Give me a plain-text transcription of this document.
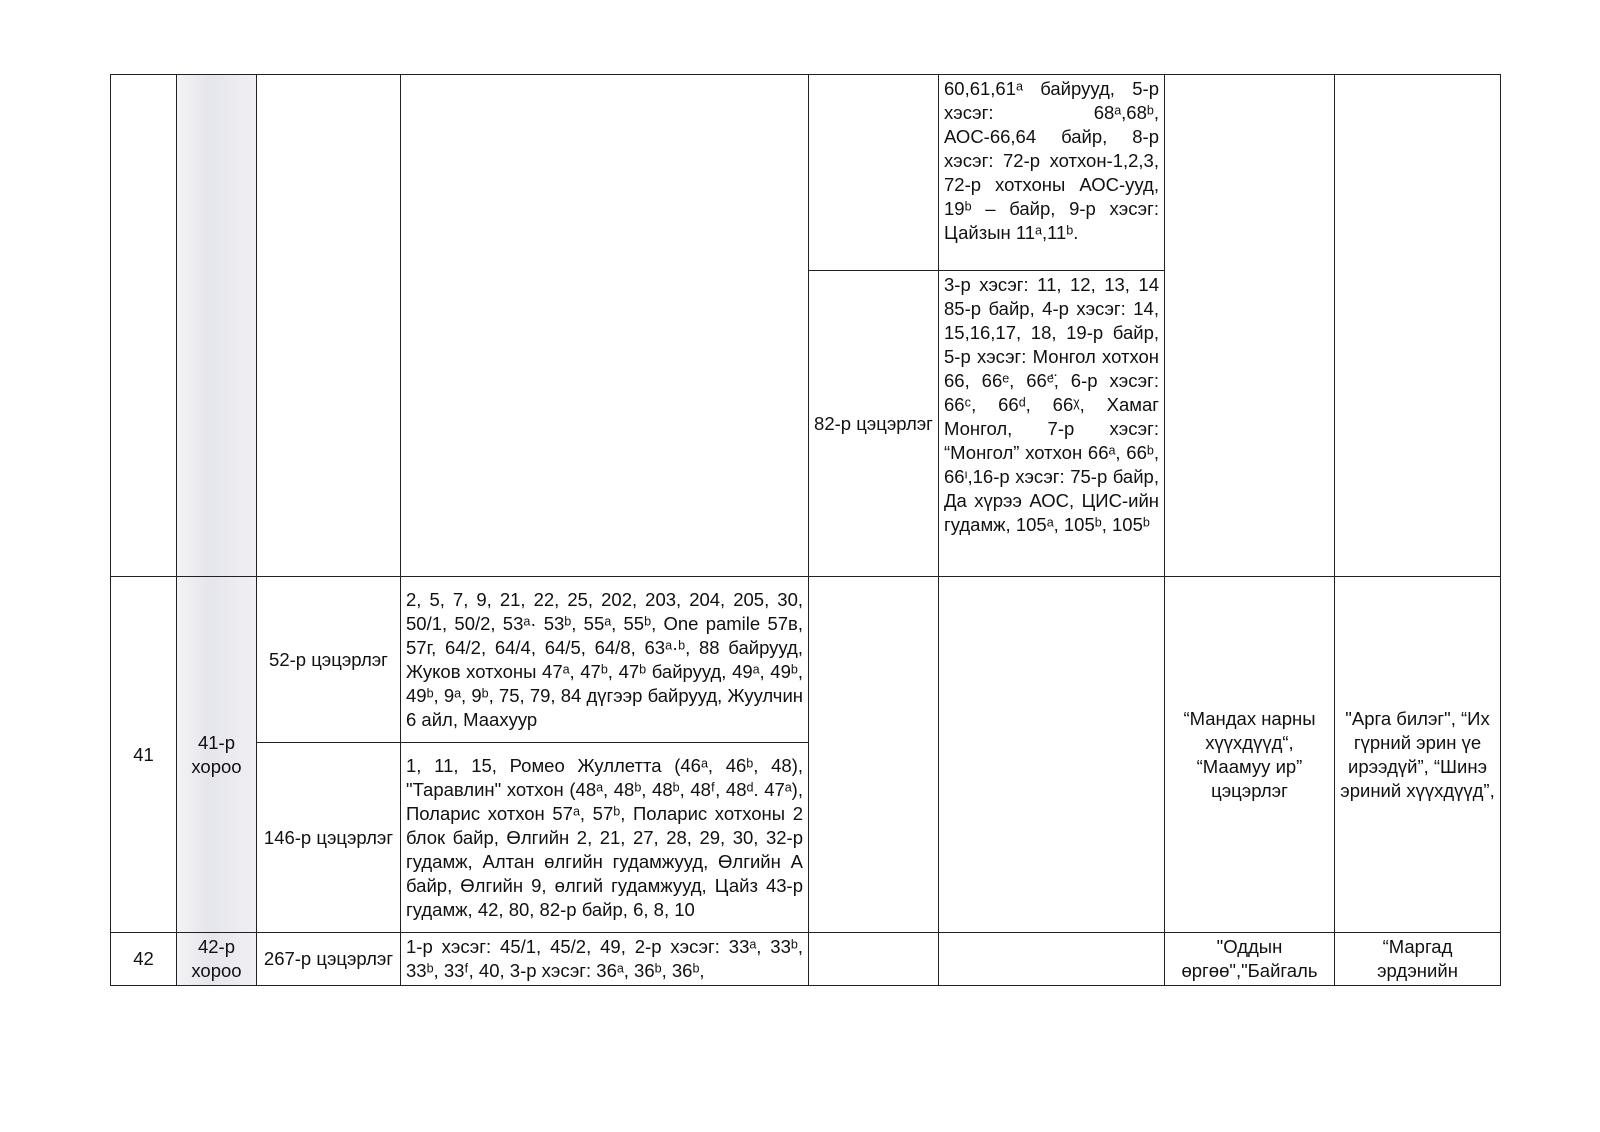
					60,61,61ᵃ байрууд, 5-р хэсэг: 68ᵃ,68ᵇ, АОС-66,64 байр, 8-р хэсэг: 72-р хотхон-1,2,3, 72-р хотхоны АОС-ууд, 19ᵇ – байр, 9-р хэсэг: Цайзын 11ᵃ,11ᵇ.		

				82-р цэцэрлэг	3-р хэсэг: 11, 12, 13, 14 85-р байр, 4-р хэсэг: 14, 15,16,17, 18, 19-р байр, 5-р хэсэг: Монгол хотхон 66, 66ᵉ, 66ᵉ̈, 6-р хэсэг: 66ᶜ, 66ᵈ, 66ᵡ, Хамаг Монгол, 7-р хэсэг: “Монгол” хотхон 66ᵃ, 66ᵇ, 66ᶦ,16-р хэсэг: 75-р байр, Да хүрээ АОС, ЦИС-ийн гудамж, 105ᵃ, 105ᵇ, 105ᵇ		

41	41-р хороо	52-р цэцэрлэг	2, 5, 7, 9, 21, 22, 25, 202, 203, 204, 205, 30, 50/1, 50/2, 53ᵃ· 53ᵇ, 55ᵃ, 55ᵇ, One pamile 57в, 57г, 64/2, 64/4, 64/5, 64/8, 63ᵃ·ᵇ, 88 байрууд, Жуков хотхоны 47ᵃ, 47ᵇ, 47ᵇ байрууд, 49ᵃ, 49ᵇ, 49ᵇ, 9ᵃ, 9ᵇ, 75, 79, 84 дүгээр байрууд, Жуулчин 6 айл, Маахуур			“Мандах нарны хүүхдүүд“, “Маамуу ир” цэцэрлэг	"Арга билэг", “Их гүрний эрин үе ирээдүй”, “Шинэ эриний хүүхдүүд”,
		146-р цэцэрлэг	1, 11, 15, Ромео Жуллетта (46ᵃ, 46ᵇ, 48), "Таравлин" хотхон (48ᵃ, 48ᵇ, 48ᵇ, 48ᶠ, 48ᵈ. 47ᵃ), Поларис хотхон 57ᵃ, 57ᵇ, Поларис хотхоны 2 блок байр, Өлгийн 2, 21, 27, 28, 29, 30, 32-р гудамж, Алтан өлгийн гудамжууд, Өлгийн А байр, Өлгийн 9, өлгий гудамжууд, Цайз 43-р гудамж, 42, 80, 82-р байр, 6, 8, 10				

42	42-р хороо	267-р цэцэрлэг	1-р хэсэг: 45/1, 45/2, 49, 2-р хэсэг: 33ᵃ, 33ᵇ, 33ᵇ, 33ᶠ, 40, 3-р хэсэг: 36ᵃ, 36ᵇ, 36ᵇ,			"Оддын өргөө","Байгаль	“Маргад эрдэнийн
